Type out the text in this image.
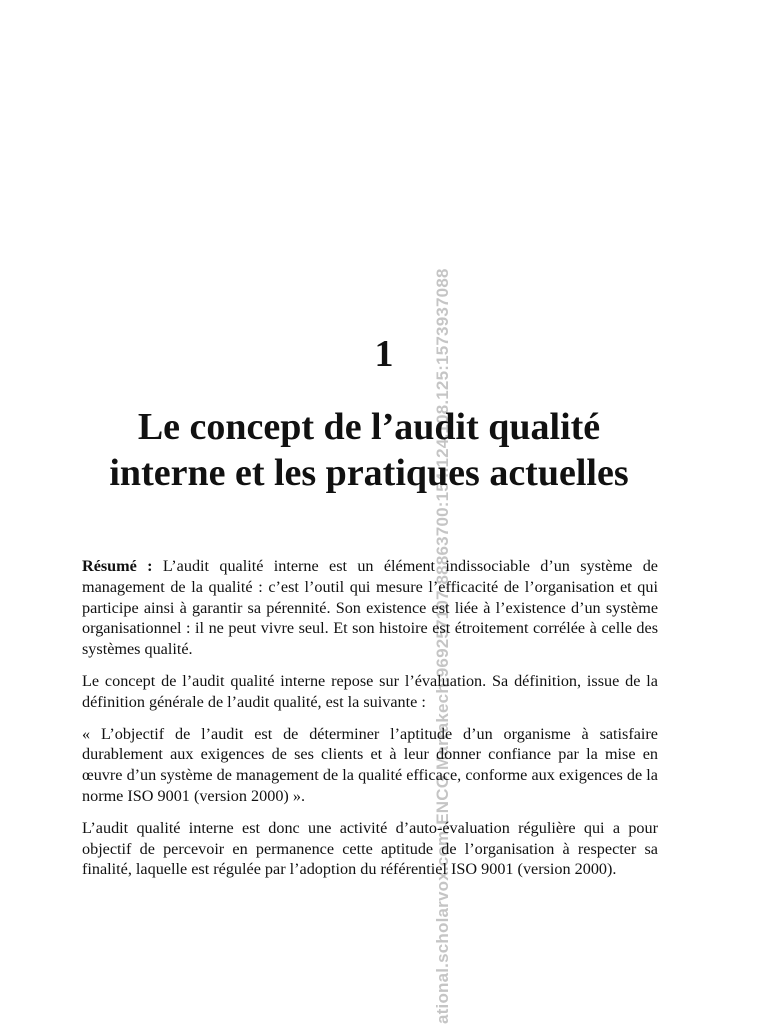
ational.scholarvox.com:ENCG Marrakech:969257107:88863700:154.124.108.125:1573937088
1
Le concept de l’audit qualité
interne et les pratiques actuelles

Résumé : L’audit qualité interne est un élément indissociable d’un système de management de la qualité : c’est l’outil qui mesure l’efficacité de l’organisation et qui participe ainsi à garantir sa pérennité. Son existence est liée à l’existence d’un système organisationnel : il ne peut vivre seul. Et son histoire est étroitement corrélée à celle des systèmes qualité.

Le concept de l’audit qualité interne repose sur l’évaluation. Sa définition, issue de la définition générale de l’audit qualité, est la suivante :

« L’objectif de l’audit est de déterminer l’aptitude d’un organisme à satisfaire durablement aux exigences de ses clients et à leur donner confiance par la mise en œuvre d’un système de management de la qualité efficace, conforme aux exigences de la norme ISO 9001 (version 2000) ».

L’audit qualité interne est donc une activité d’auto-évaluation régulière qui a pour objectif de percevoir en permanence cette aptitude de l’organisation à respecter sa finalité, laquelle est régulée par l’adoption du référentiel ISO 9001 (version 2000).
